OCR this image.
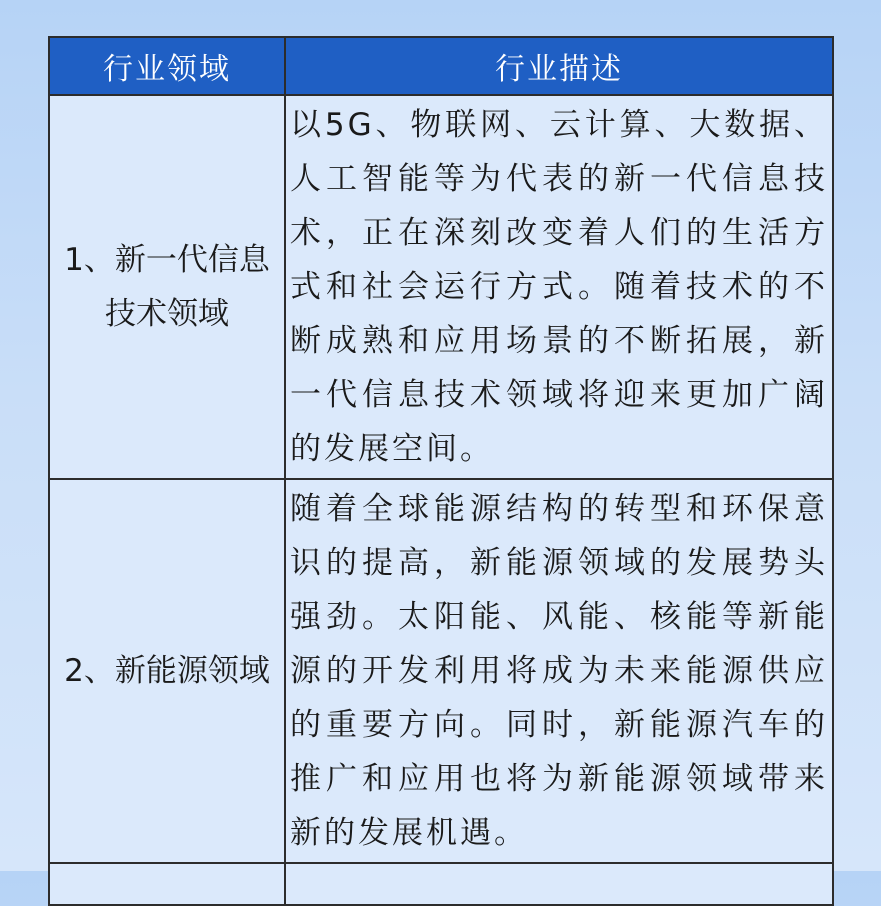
行业领域	行业描述
1、新一代信息技术领域	以5G、物联网、云计算、大数据、人工智能等为代表的新一代信息技术，正在深刻改变着人们的生活方式和社会运行方式。随着技术的不断成熟和应用场景的不断拓展，新一代信息技术领域将迎来更加广阔的发展空间。
2、新能源领域	随着全球能源结构的转型和环保意识的提高，新能源领域的发展势头强劲。太阳能、风能、核能等新能源的开发利用将成为未来能源供应的重要方向。同时，新能源汽车的推广和应用也将为新能源领域带来新的发展机遇。
